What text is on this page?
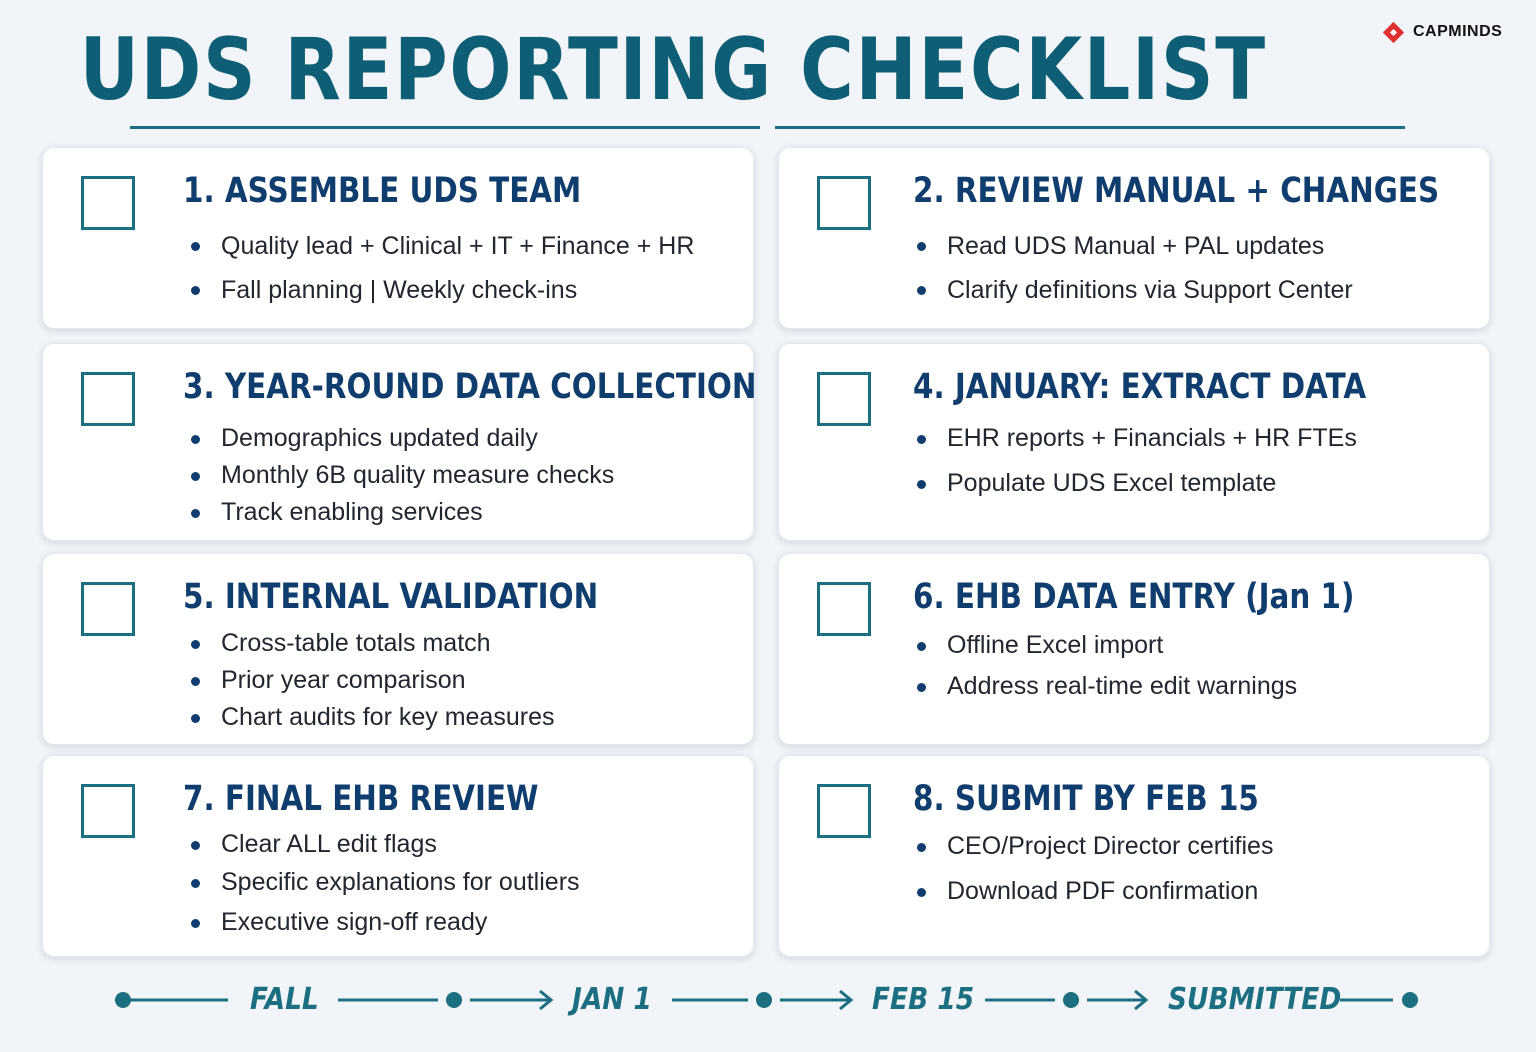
UDS REPORTING CHECKLIST	CAPMINDS
1. ASSEMBLE UDS TEAM
Quality lead + Clinical + IT + Finance + HR
Fall planning | Weekly check-ins
2. REVIEW MANUAL + CHANGES
Read UDS Manual + PAL updates
Clarify definitions via Support Center
3. YEAR-ROUND DATA COLLECTION
Demographics updated daily
Monthly 6B quality measure checks
Track enabling services
4. JANUARY: EXTRACT DATA
EHR reports + Financials + HR FTEs
Populate UDS Excel template
5. INTERNAL VALIDATION
Cross-table totals match
Prior year comparison
Chart audits for key measures
6. EHB DATA ENTRY (Jan 1)
Offline Excel import
Address real-time edit warnings
7. FINAL EHB REVIEW
Clear ALL edit flags
Specific explanations for outliers
Executive sign-off ready
8. SUBMIT BY FEB 15
CEO/Project Director certifies
Download PDF confirmation
FALL	JAN 1	FEB 15	SUBMITTED
